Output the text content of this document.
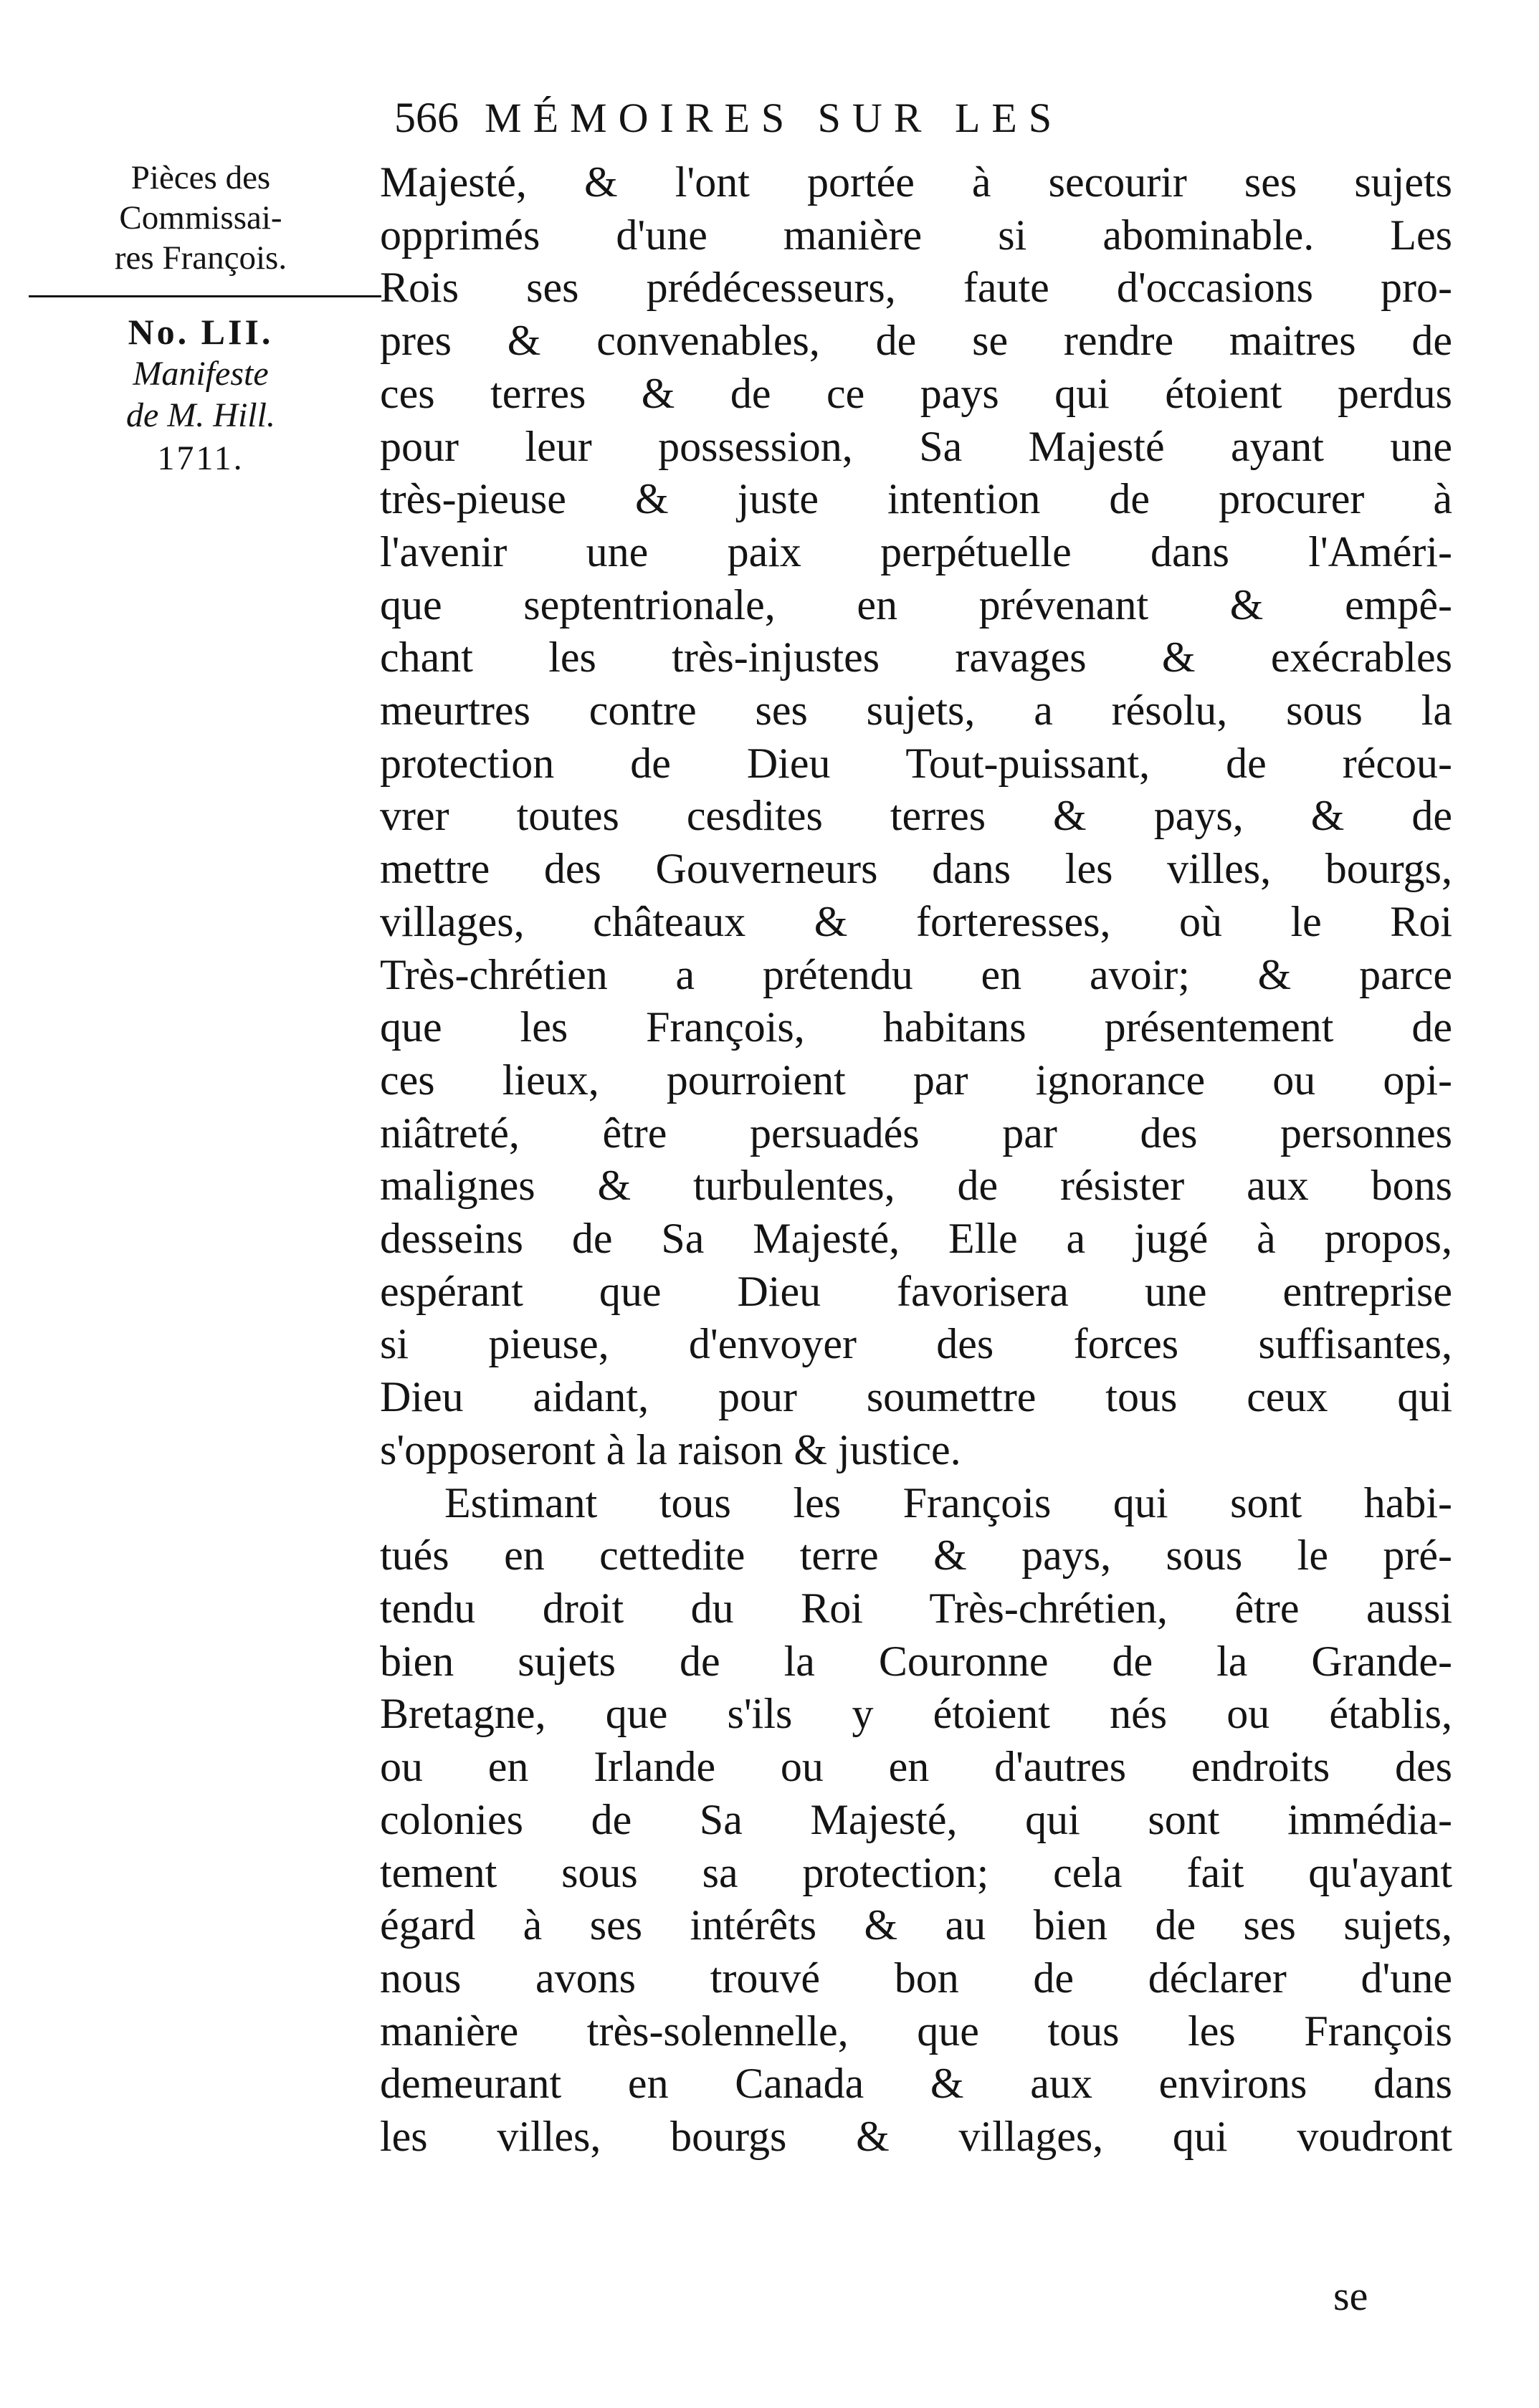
566 MÉMOIRES SUR LES
Pièces des
Commissai-
res François.
No. LII.
Manifeste
de M. Hill.
1711.
Majesté, & l'ont portée à secourir ses sujets
opprimés d'une manière si abominable. Les
Rois ses prédécesseurs, faute d'occasions pro-
pres & convenables, de se rendre maitres de
ces terres & de ce pays qui étoient perdus
pour leur possession, Sa Majesté ayant une
très-pieuse & juste intention de procurer à
l'avenir une paix perpétuelle dans l'Améri-
que septentrionale, en prévenant & empê-
chant les très-injustes ravages & exécrables
meurtres contre ses sujets, a résolu, sous la
protection de Dieu Tout-puissant, de récou-
vrer toutes cesdites terres & pays, & de
mettre des Gouverneurs dans les villes, bourgs,
villages, châteaux & forteresses, où le Roi
Très-chrétien a prétendu en avoir; & parce
que les François, habitans présentement de
ces lieux, pourroient par ignorance ou opi-
niâtreté, être persuadés par des personnes
malignes & turbulentes, de résister aux bons
desseins de Sa Majesté, Elle a jugé à propos,
espérant que Dieu favorisera une entreprise
si pieuse, d'envoyer des forces suffisantes,
Dieu aidant, pour soumettre tous ceux qui
s'opposeront à la raison & justice.
Estimant tous les François qui sont habi-
tués en cettedite terre & pays, sous le pré-
tendu droit du Roi Très-chrétien, être aussi
bien sujets de la Couronne de la Grande-
Bretagne, que s'ils y étoient nés ou établis,
ou en Irlande ou en d'autres endroits des
colonies de Sa Majesté, qui sont immédia-
tement sous sa protection; cela fait qu'ayant
égard à ses intérêts & au bien de ses sujets,
nous avons trouvé bon de déclarer d'une
manière très-solennelle, que tous les François
demeurant en Canada & aux environs dans
les villes, bourgs & villages, qui voudront
se
